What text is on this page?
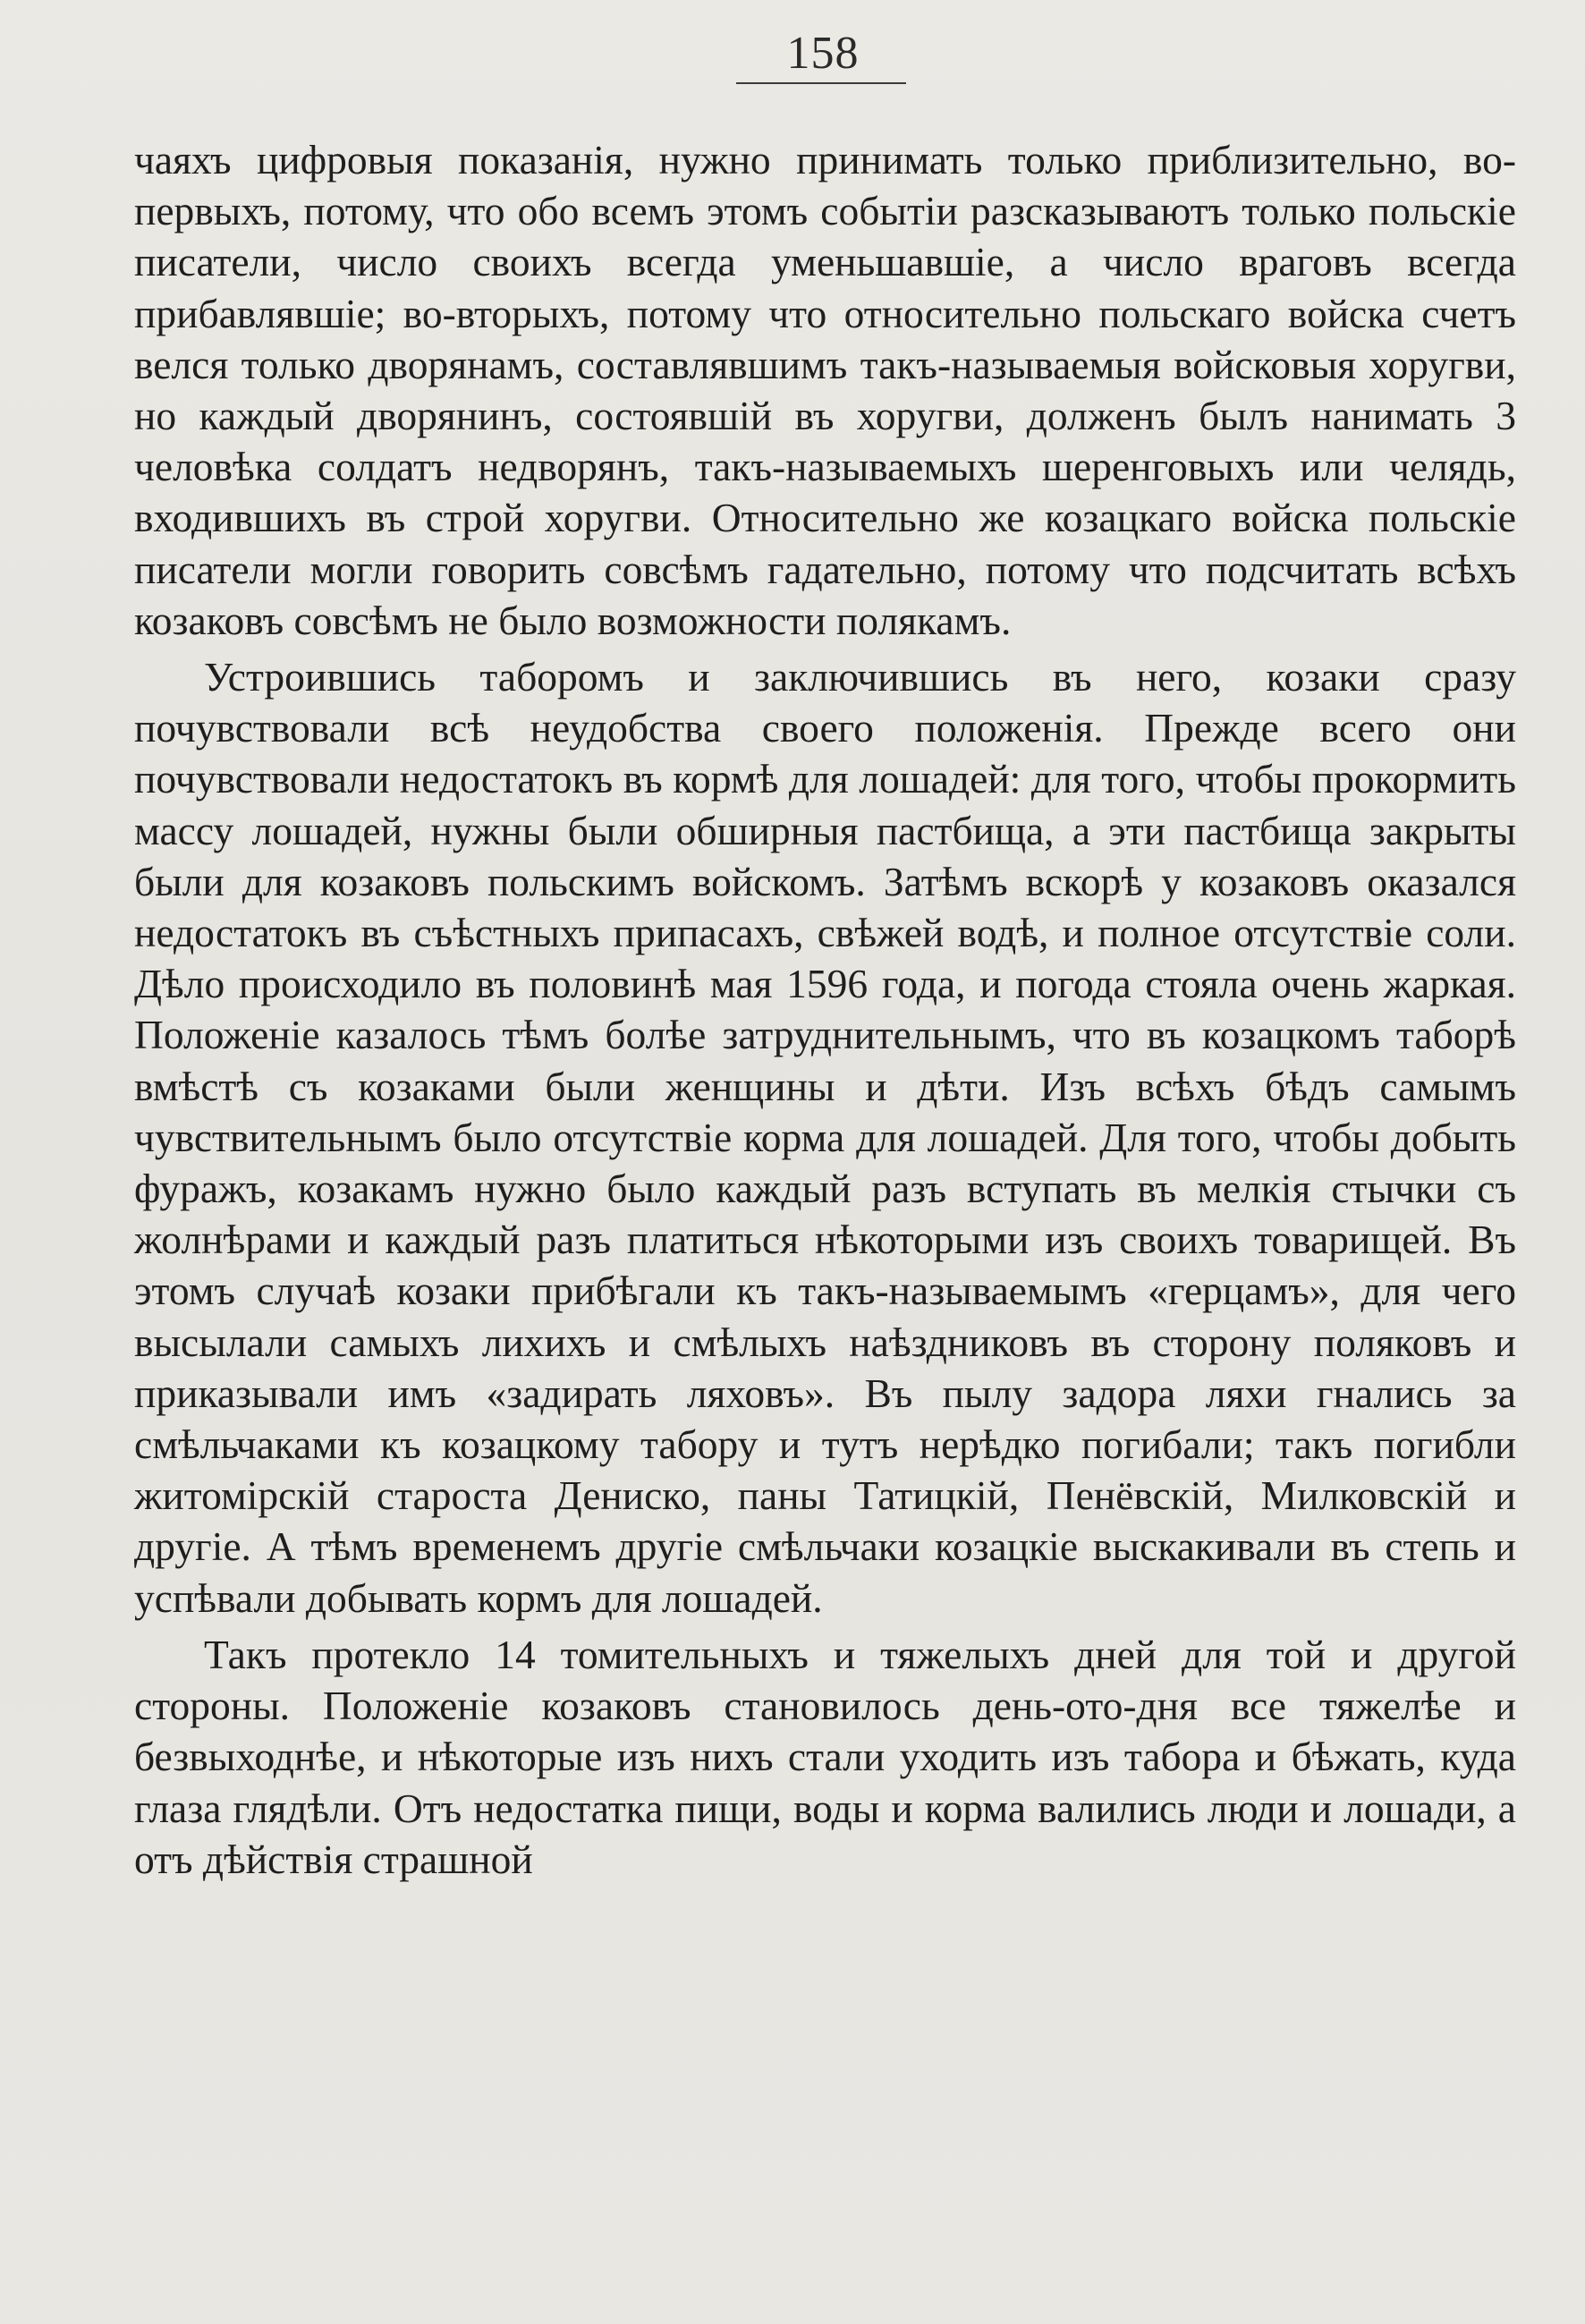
158

чаяхъ цифровыя показанія, нужно принимать только приблизительно, во-первыхъ, потому, что обо всемъ этомъ событіи разсказываютъ только польскіе писатели, число своихъ всегда уменьшавшіе, а число враговъ всегда прибавлявшіе; во-вторыхъ, потому что относительно польскаго войска счетъ велся только дворянамъ, составлявшимъ такъ-называемыя войсковыя хоругви, но каждый дворянинъ, состоявшій въ хоругви, долженъ былъ нанимать 3 человѣка солдатъ недворянъ, такъ-называемыхъ шеренговыхъ или челядь, входившихъ въ строй хоругви. Относительно же козацкаго войска польскіе писатели могли говорить совсѣмъ гадательно, потому что подсчитать всѣхъ козаковъ совсѣмъ не было возможности полякамъ.

Устроившись таборомъ и заключившись въ него, козаки сразу почувствовали всѣ неудобства своего положенія. Прежде всего они почувствовали недостатокъ въ кормѣ для лошадей: для того, чтобы прокормить массу лошадей, нужны были обширныя пастбища, а эти пастбища закрыты были для козаковъ польскимъ войскомъ. Затѣмъ вскорѣ у козаковъ оказался недостатокъ въ съѣстныхъ припасахъ, свѣжей водѣ, и полное отсутствіе соли. Дѣло происходило въ половинѣ мая 1596 года, и погода стояла очень жаркая. Положеніе казалось тѣмъ болѣе затруднительнымъ, что въ козацкомъ таборѣ вмѣстѣ съ козаками были женщины и дѣти. Изъ всѣхъ бѣдъ самымъ чувствительнымъ было отсутствіе корма для лошадей. Для того, чтобы добыть фуражъ, козакамъ нужно было каждый разъ вступать въ мелкія стычки съ жолнѣрами и каждый разъ платиться нѣкоторыми изъ своихъ товарищей. Въ этомъ случаѣ козаки прибѣгали къ такъ-называемымъ «герцамъ», для чего высылали самыхъ лихихъ и смѣлыхъ наѣздниковъ въ сторону поляковъ и приказывали имъ «задирать ляховъ». Въ пылу задора ляхи гнались за смѣльчаками къ козацкому табору и тутъ нерѣдко погибали; такъ погибли житомірскій староста Дениско, паны Татицкій, Пенёвскій, Милковскій и другіе. А тѣмъ временемъ другіе смѣльчаки козацкіе выскакивали въ степь и успѣвали добывать кормъ для лошадей.

Такъ протекло 14 томительныхъ и тяжелыхъ дней для той и другой стороны. Положеніе козаковъ становилось день-ото-дня все тяжелѣе и безвыходнѣе, и нѣкоторые изъ нихъ стали уходить изъ табора и бѣжать, куда глаза глядѣли. Отъ недостатка пищи, воды и корма валились люди и лошади, а отъ дѣйствія страшной
